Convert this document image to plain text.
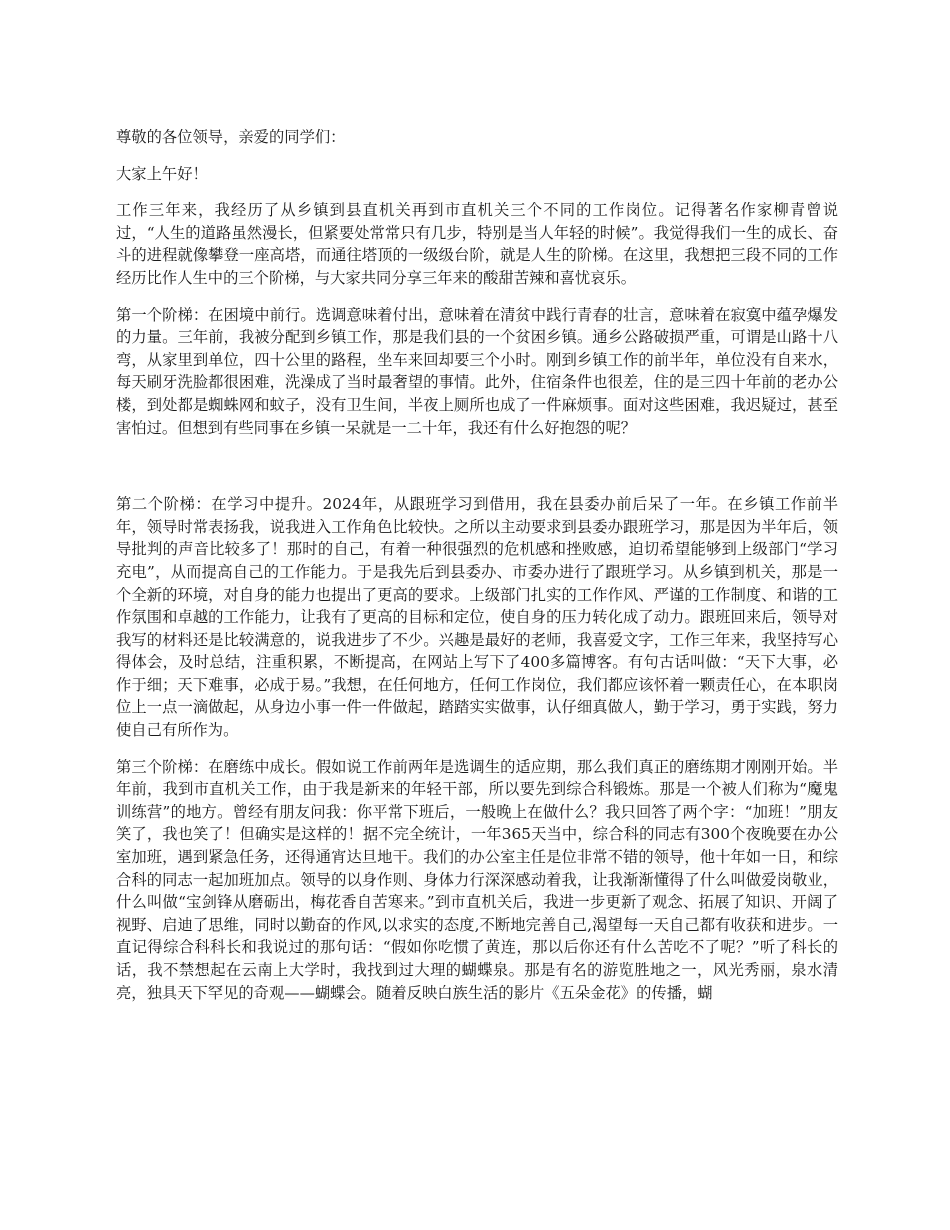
尊敬的各位领导，亲爱的同学们：

大家上午好！

工作三年来，我经历了从乡镇到县直机关再到市直机关三个不同的工作岗位。记得著名作家柳青曾说过，“人生的道路虽然漫长，但紧要处常常只有几步，特别是当人年轻的时候”。我觉得我们一生的成长、奋斗的进程就像攀登一座高塔，而通往塔顶的一级级台阶，就是人生的阶梯。在这里，我想把三段不同的工作经历比作人生中的三个阶梯，与大家共同分享三年来的酸甜苦辣和喜忧哀乐。

第一个阶梯：在困境中前行。选调意味着付出，意味着在清贫中践行青春的壮言，意味着在寂寞中蕴孕爆发的力量。三年前，我被分配到乡镇工作，那是我们县的一个贫困乡镇。通乡公路破损严重，可谓是山路十八弯，从家里到单位，四十公里的路程，坐车来回却要三个小时。刚到乡镇工作的前半年，单位没有自来水，每天刷牙洗脸都很困难，洗澡成了当时最奢望的事情。此外，住宿条件也很差，住的是三四十年前的老办公楼，到处都是蜘蛛网和蚊子，没有卫生间，半夜上厕所也成了一件麻烦事。面对这些困难，我迟疑过，甚至害怕过。但想到有些同事在乡镇一呆就是一二十年，我还有什么好抱怨的呢？

第二个阶梯：在学习中提升。2024年，从跟班学习到借用，我在县委办前后呆了一年。在乡镇工作前半年，领导时常表扬我，说我进入工作角色比较快。之所以主动要求到县委办跟班学习，那是因为半年后，领导批判的声音比较多了！那时的自己，有着一种很强烈的危机感和挫败感，迫切希望能够到上级部门“学习充电”，从而提高自己的工作能力。于是我先后到县委办、市委办进行了跟班学习。从乡镇到机关，那是一个全新的环境，对自身的能力也提出了更高的要求。上级部门扎实的工作作风、严谨的工作制度、和谐的工作氛围和卓越的工作能力，让我有了更高的目标和定位，使自身的压力转化成了动力。跟班回来后，领导对我写的材料还是比较满意的，说我进步了不少。兴趣是最好的老师，我喜爱文字，工作三年来，我坚持写心得体会，及时总结，注重积累，不断提高，在网站上写下了400多篇博客。有句古话叫做：“天下大事，必作于细；天下难事，必成于易。”我想，在任何地方，任何工作岗位，我们都应该怀着一颗责任心，在本职岗位上一点一滴做起，从身边小事一件一件做起，踏踏实实做事，认仔细真做人，勤于学习，勇于实践，努力使自己有所作为。

第三个阶梯：在磨练中成长。假如说工作前两年是选调生的适应期，那么我们真正的磨练期才刚刚开始。半年前，我到市直机关工作，由于我是新来的年轻干部，所以要先到综合科锻炼。那是一个被人们称为“魔鬼训练营”的地方。曾经有朋友问我：你平常下班后，一般晚上在做什么？我只回答了两个字：“加班！”朋友笑了，我也笑了！但确实是这样的！据不完全统计，一年365天当中，综合科的同志有300个夜晚要在办公室加班，遇到紧急任务，还得通宵达旦地干。我们的办公室主任是位非常不错的领导，他十年如一日，和综合科的同志一起加班加点。领导的以身作则、身体力行深深感动着我，让我渐渐懂得了什么叫做爱岗敬业，什么叫做“宝剑锋从磨砺出，梅花香自苦寒来。”到市直机关后，我进一步更新了观念、拓展了知识、开阔了视野、启迪了思维，同时以勤奋的作风,以求实的态度,不断地完善自己,渴望每一天自己都有收获和进步。一直记得综合科科长和我说过的那句话：“假如你吃惯了黄连，那以后你还有什么苦吃不了呢？”听了科长的话，我不禁想起在云南上大学时，我找到过大理的蝴蝶泉。那是有名的游览胜地之一，风光秀丽，泉水清亮，独具天下罕见的奇观——蝴蝶会。随着反映白族生活的影片《五朵金花》的传播，蝴
